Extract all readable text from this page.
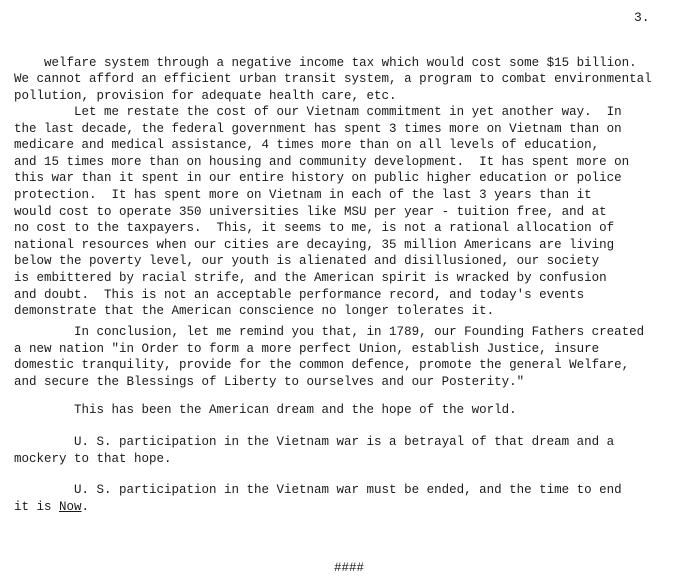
3.

welfare system through a negative income tax which would cost some $15 billion.
We cannot afford an efficient urban transit system, a program to combat environmental
pollution, provision for adequate health care, etc.

Let me restate the cost of our Vietnam commitment in yet another way.  In
the last decade, the federal government has spent 3 times more on Vietnam than on
medicare and medical assistance, 4 times more than on all levels of education,
and 15 times more than on housing and community development.  It has spent more on
this war than it spent in our entire history on public higher education or police
protection.  It has spent more on Vietnam in each of the last 3 years than it
would cost to operate 350 universities like MSU per year - tuition free, and at
no cost to the taxpayers.  This, it seems to me, is not a rational allocation of
national resources when our cities are decaying, 35 million Americans are living
below the poverty level, our youth is alienated and disillusioned, our society
is embittered by racial strife, and the American spirit is wracked by confusion
and doubt.  This is not an acceptable performance record, and today's events
demonstrate that the American conscience no longer tolerates it.

In conclusion, let me remind you that, in 1789, our Founding Fathers created
a new nation "in Order to form a more perfect Union, establish Justice, insure
domestic tranquility, provide for the common defence, promote the general Welfare,
and secure the Blessings of Liberty to ourselves and our Posterity."

This has been the American dream and the hope of the world.

U. S. participation in the Vietnam war is a betrayal of that dream and a
mockery to that hope.

U. S. participation in the Vietnam war must be ended, and the time to end
it is Now.

####
